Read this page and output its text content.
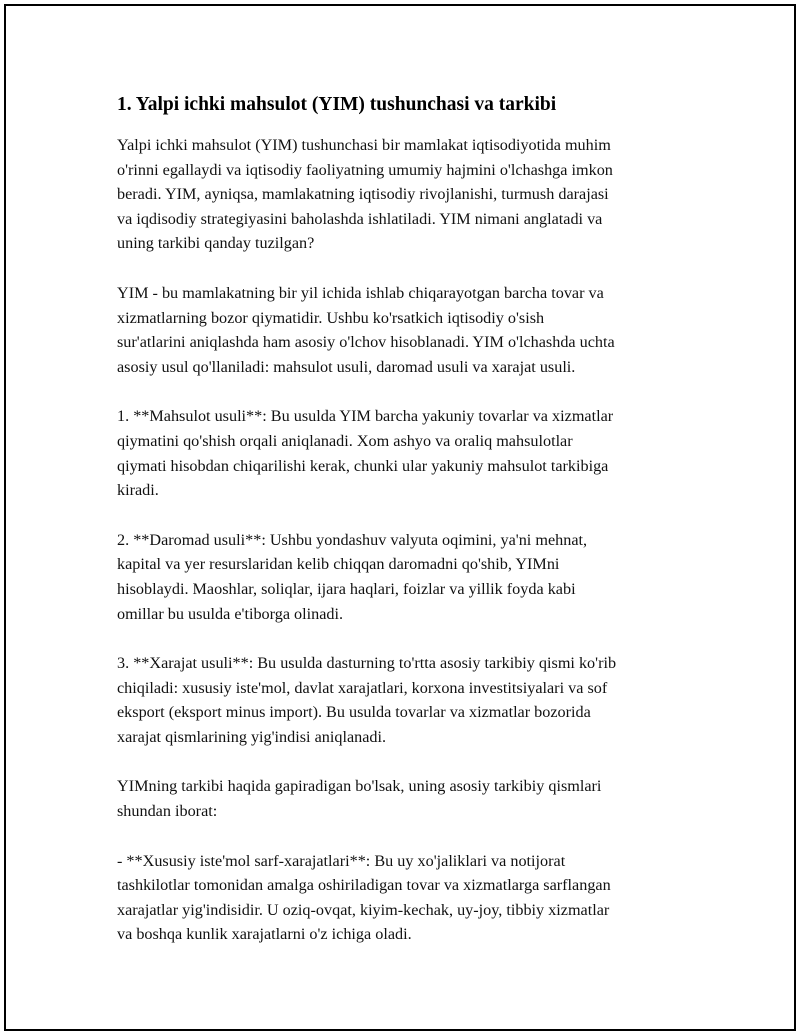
1. Yalpi ichki mahsulot (YIM) tushunchasi va tarkibi
Yalpi ichki mahsulot (YIM) tushunchasi bir mamlakat iqtisodiyotida muhim
o'rinni egallaydi va iqtisodiy faoliyatning umumiy hajmini o'lchashga imkon
beradi. YIM, ayniqsa, mamlakatning iqtisodiy rivojlanishi, turmush darajasi
va iqdisodiy strategiyasini baholashda ishlatiladi. YIM nimani anglatadi va
uning tarkibi qanday tuzilgan?
YIM - bu mamlakatning bir yil ichida ishlab chiqarayotgan barcha tovar va
xizmatlarning bozor qiymatidir. Ushbu ko'rsatkich iqtisodiy o'sish
sur'atlarini aniqlashda ham asosiy o'lchov hisoblanadi. YIM o'lchashda uchta
asosiy usul qo'llaniladi: mahsulot usuli, daromad usuli va xarajat usuli.
1. **Mahsulot usuli**: Bu usulda YIM barcha yakuniy tovarlar va xizmatlar
qiymatini qo'shish orqali aniqlanadi. Xom ashyo va oraliq mahsulotlar
qiymati hisobdan chiqarilishi kerak, chunki ular yakuniy mahsulot tarkibiga
kiradi.
2. **Daromad usuli**: Ushbu yondashuv valyuta oqimini, ya'ni mehnat,
kapital va yer resurslaridan kelib chiqqan daromadni qo'shib, YIMni
hisoblaydi. Maoshlar, soliqlar, ijara haqlari, foizlar va yillik foyda kabi
omillar bu usulda e'tiborga olinadi.
3. **Xarajat usuli**: Bu usulda dasturning to'rtta asosiy tarkibiy qismi ko'rib
chiqiladi: xususiy iste'mol, davlat xarajatlari, korxona investitsiyalari va sof
eksport (eksport minus import). Bu usulda tovarlar va xizmatlar bozorida
xarajat qismlarining yig'indisi aniqlanadi.
YIMning tarkibi haqida gapiradigan bo'lsak, uning asosiy tarkibiy qismlari
shundan iborat:
- **Xususiy iste'mol sarf-xarajatlari**: Bu uy xo'jaliklari va notijorat
tashkilotlar tomonidan amalga oshiriladigan tovar va xizmatlarga sarflangan
xarajatlar yig'indisidir. U oziq-ovqat, kiyim-kechak, uy-joy, tibbiy xizmatlar
va boshqa kunlik xarajatlarni o'z ichiga oladi.
